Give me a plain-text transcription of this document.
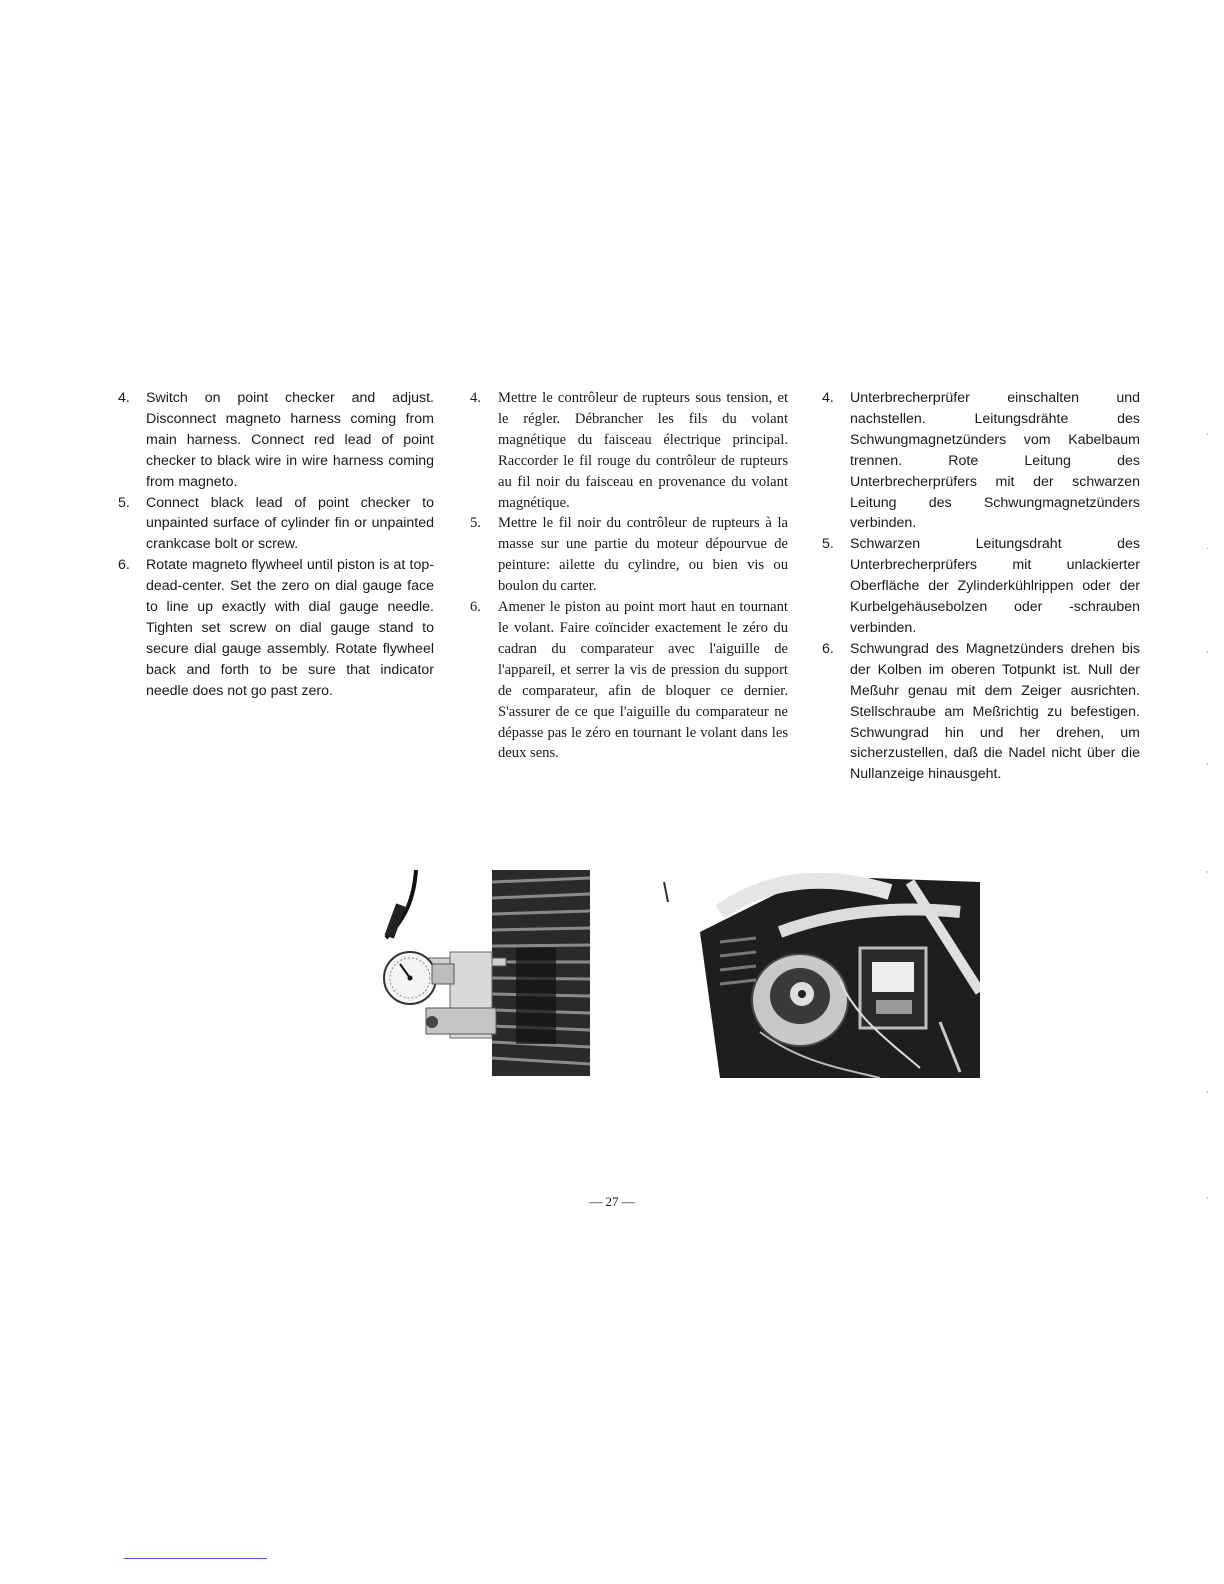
4.	Switch on point checker and adjust. Disconnect magneto harness coming from main harness. Connect red lead of point checker to black wire in wire harness coming from magneto.
5.	Connect black lead of point checker to unpainted surface of cylinder fin or unpainted crankcase bolt or screw.
6.	Rotate magneto flywheel until piston is at top-dead-center. Set the zero on dial gauge face to line up exactly with dial gauge needle. Tighten set screw on dial gauge stand to secure dial gauge assembly. Rotate flywheel back and forth to be sure that indicator needle does not go past zero.
4.	Mettre le contrôleur de rupteurs sous tension, et le régler. Débrancher les fils du volant magnétique du faisceau électrique principal. Raccorder le fil rouge du contrôleur de rupteurs au fil noir du faisceau en provenance du volant magnétique.
5.	Mettre le fil noir du contrôleur de rupteurs à la masse sur une partie du moteur dépourvue de peinture: ailette du cylindre, ou bien vis ou boulon du carter.
6.	Amener le piston au point mort haut en tournant le volant. Faire coïncider exactement le zéro du cadran du comparateur avec l'aiguille de l'appareil, et serrer la vis de pression du support de comparateur, afin de bloquer ce dernier. S'assurer de ce que l'aiguille du comparateur ne dépasse pas le zéro en tournant le volant dans les deux sens.
4.	Unterbrecherprüfer einschalten und nachstellen. Leitungsdrähte des Schwungmagnetzünders vom Kabelbaum trennen. Rote Leitung des Unterbrecherprüfers mit der schwarzen Leitung des Schwungmagnetzünders verbinden.
5.	Schwarzen Leitungsdraht des Unterbrecherprüfers mit unlackierter Oberfläche der Zylinderkühlrippen oder der Kurbelgehäusebolzen oder -schrauben verbinden.
6.	Schwungrad des Magnetzünders drehen bis der Kolben im oberen Totpunkt ist. Null der Meßuhr genau mit dem Zeiger ausrichten. Stellschraube am Meßrichtig zu befestigen. Schwungrad hin und her drehen, um sicherzustellen, daß die Nadel nicht über die Nullanzeige hinausgeht.
— 27 —
'
.
'
'
'
'
'
